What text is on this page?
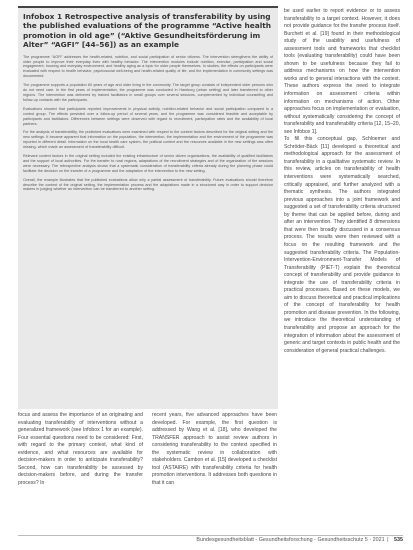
Infobox 1 Retrospective analysis of transferability by using the published evaluations of the programme “Active health promotion in old age” (“Aktive Gesundheitsförderung im Alter” “AGFI” [44–56]) as an example

The programme “AGFI” addresses the health-related, nutrition, and social participation of senior citizens. The intervention strengthens the ability of older people to improve their everyday lives with healthy behavior. The intervention modules include nutrition, exercise, participation and social engagement, housing and everyday environment, and healthy aging as a topic for older people themselves. In studies, the effects on participants were evaluated with respect to health behavior, psychosocial well-being and health-related quality of life, and the implementation in community settings was documented.

The programme supports a population 60 years of age and older living in the community. The target group consists of independent older persons who do not need care. In the first years of implementation, the programme was conducted in Hamburg (urban setting) and later transferred to other regions. The intervention was delivered by trained facilitators in small groups over several sessions, complemented by individual counselling and follow-up contacts with the participants.

Evaluations showed that participants reported improvements in physical activity, nutrition-related behavior and social participation compared to a control group. The effects persisted over a follow-up period of several years, and the programme was considered feasible and acceptable by participants and facilitators. Differences between settings were observed with regard to recruitment, participation rates and the availability of local partners.

For the analysis of transferability, the published evaluations were examined with respect to the context factors described for the original setting and the new settings. It became apparent that information on the population, the intervention, the implementation and the environment of the programme was reported in different detail. Information on the local health care system, the political context and the resources available in the new settings was often missing, which made an assessment of transferability difficult.

Relevant context factors in the original setting included the existing infrastructure of senior citizen organizations, the availability of qualified facilitators and the support of local authorities. For the transfer to rural regions, adaptations of the recruitment strategies and of the organization of the sessions were necessary. The retrospective analysis shows that a systematic consideration of transferability criteria already during the planning phase could facilitate the decision on the transfer of a programme and the adaptation of the intervention to the new setting.

Overall, the example illustrates that the published evaluations allow only a partial assessment of transferability. Future evaluations should therefore describe the context of the original setting, the implementation process and the adaptations made in a structured way in order to support decision makers in judging whether an intervention can be transferred to another setting.

be used earlier to report evidence or to assess transferability to a target context. However, it does not provide guidance for the transfer process itself. Burchett et al. [19] found in their methodological study of the usability and usefulness of assessment tools and frameworks that checklist tools (evaluating transferability) could have been shown to be usefulness because they fail to address mechanisms on how the intervention works and to general interactions with the context. These authors express the need to integrate information on assessment criteria within information on mechanisms of action. Other approaches focus on implementation or evaluation, without systematically considering the concept of transferability and transferability criteria [12, 15–20, see Infobox 1].

To fill this conceptual gap, Schloemer and Schröder-Bäck [11] developed a theoretical and methodological approach for the assessment of transferability in a qualitative systematic review. In this review, articles on transferability of health interventions were systematically searched, critically appraised, and further analyzed with a thematic synthesis. The authors integrated previous approaches into a joint framework and suggested a set of transferability criteria structured by theme that can be applied before, during and after an intervention. They identified 8 dimensions that were then broadly discussed in a consensus process. The results were then reviewed with a focus on the resulting framework and the suggested transferability criteria. The Population-Intervention-Environment-Transfer Models of Transferability (PIET-T) explain the theoretical concept of transferability and provide guidance to integrate the use of transferability criteria in practical processes. Based on these models, we aim to discuss theoretical and practical implications of the concept of transferability for health promotion and disease prevention. In the following, we introduce the theoretical understanding of transferability and propose an approach for the integration of information about the assessment of generic and target contexts in public health and the consideration of general practical challenges.

focus and assess the importance of an originating and evaluating transferability of interventions without a generalized framework (see Infobox 1 for an example). Four essential questions need to be considered: First, with regard to the primary context, what kind of evidence, and what resources are available for decision-makers in order to anticipate transferability? Second, how can transferability be assessed by decision-makers before, and during the transfer process? In

recent years, five advanced approaches have been developed. For example, the first question is addressed by Wang et al. [18], who developed the TRANSFER approach to assist review authors in considering transferability to the context specified in the systematic review in collaboration with stakeholders. Cambon et al. [15] developed a checklist tool (ASTAIRE) with transferability criteria for health promotion interventions. It addresses both questions in that it can

Bundesgesundheitsblatt - Gesundheitsforschung - Gesundheitsschutz 5 · 2021 | 535
